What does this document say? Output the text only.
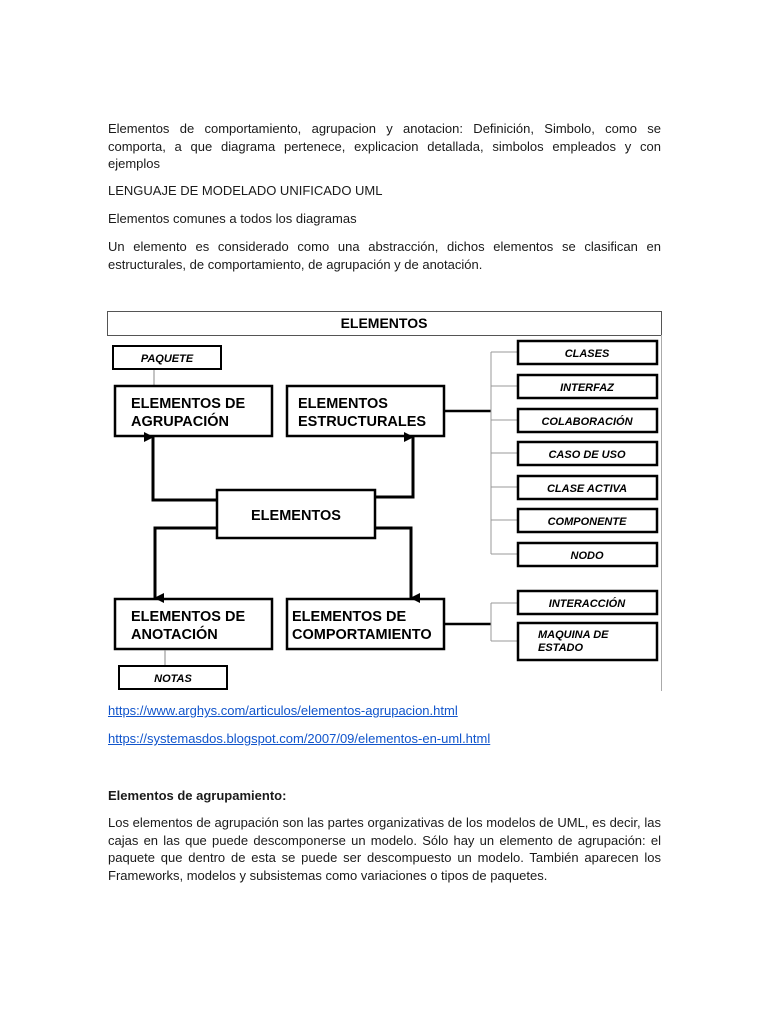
Elementos de comportamiento, agrupacion y anotacion: Definición, Simbolo, como se comporta, a que diagrama pertenece, explicacion detallada, simbolos empleados y con ejemplos

LENGUAJE DE MODELADO UNIFICADO UML

Elementos comunes a todos los diagramas

Un elemento es considerado como una abstracción, dichos elementos se clasifican en estructurales, de comportamiento, de agrupación y de anotación.

ELEMENTOS
PAQUETE
ELEMENTOS DE
AGRUPACIÓN
ELEMENTOS
ESTRUCTURALES
ELEMENTOS
ELEMENTOS DE
ANOTACIÓN
ELEMENTOS DE
COMPORTAMIENTO
NOTAS
CLASES
INTERFAZ
COLABORACIÓN
CASO DE USO
CLASE ACTIVA
COMPONENTE
NODO
INTERACCIÓN
MAQUINA DE
ESTADO
https://www.arghys.com/articulos/elementos-agrupacion.html
https://systemasdos.blogspot.com/2007/09/elementos-en-uml.html

Elementos de agrupamiento:

Los elementos de agrupación son las partes organizativas de los modelos de UML, es decir, las cajas en las que puede descomponerse un modelo. Sólo hay un elemento de agrupación: el paquete que dentro de esta se puede ser descompuesto un modelo. También aparecen los Frameworks, modelos y subsistemas como variaciones o tipos de paquetes.
